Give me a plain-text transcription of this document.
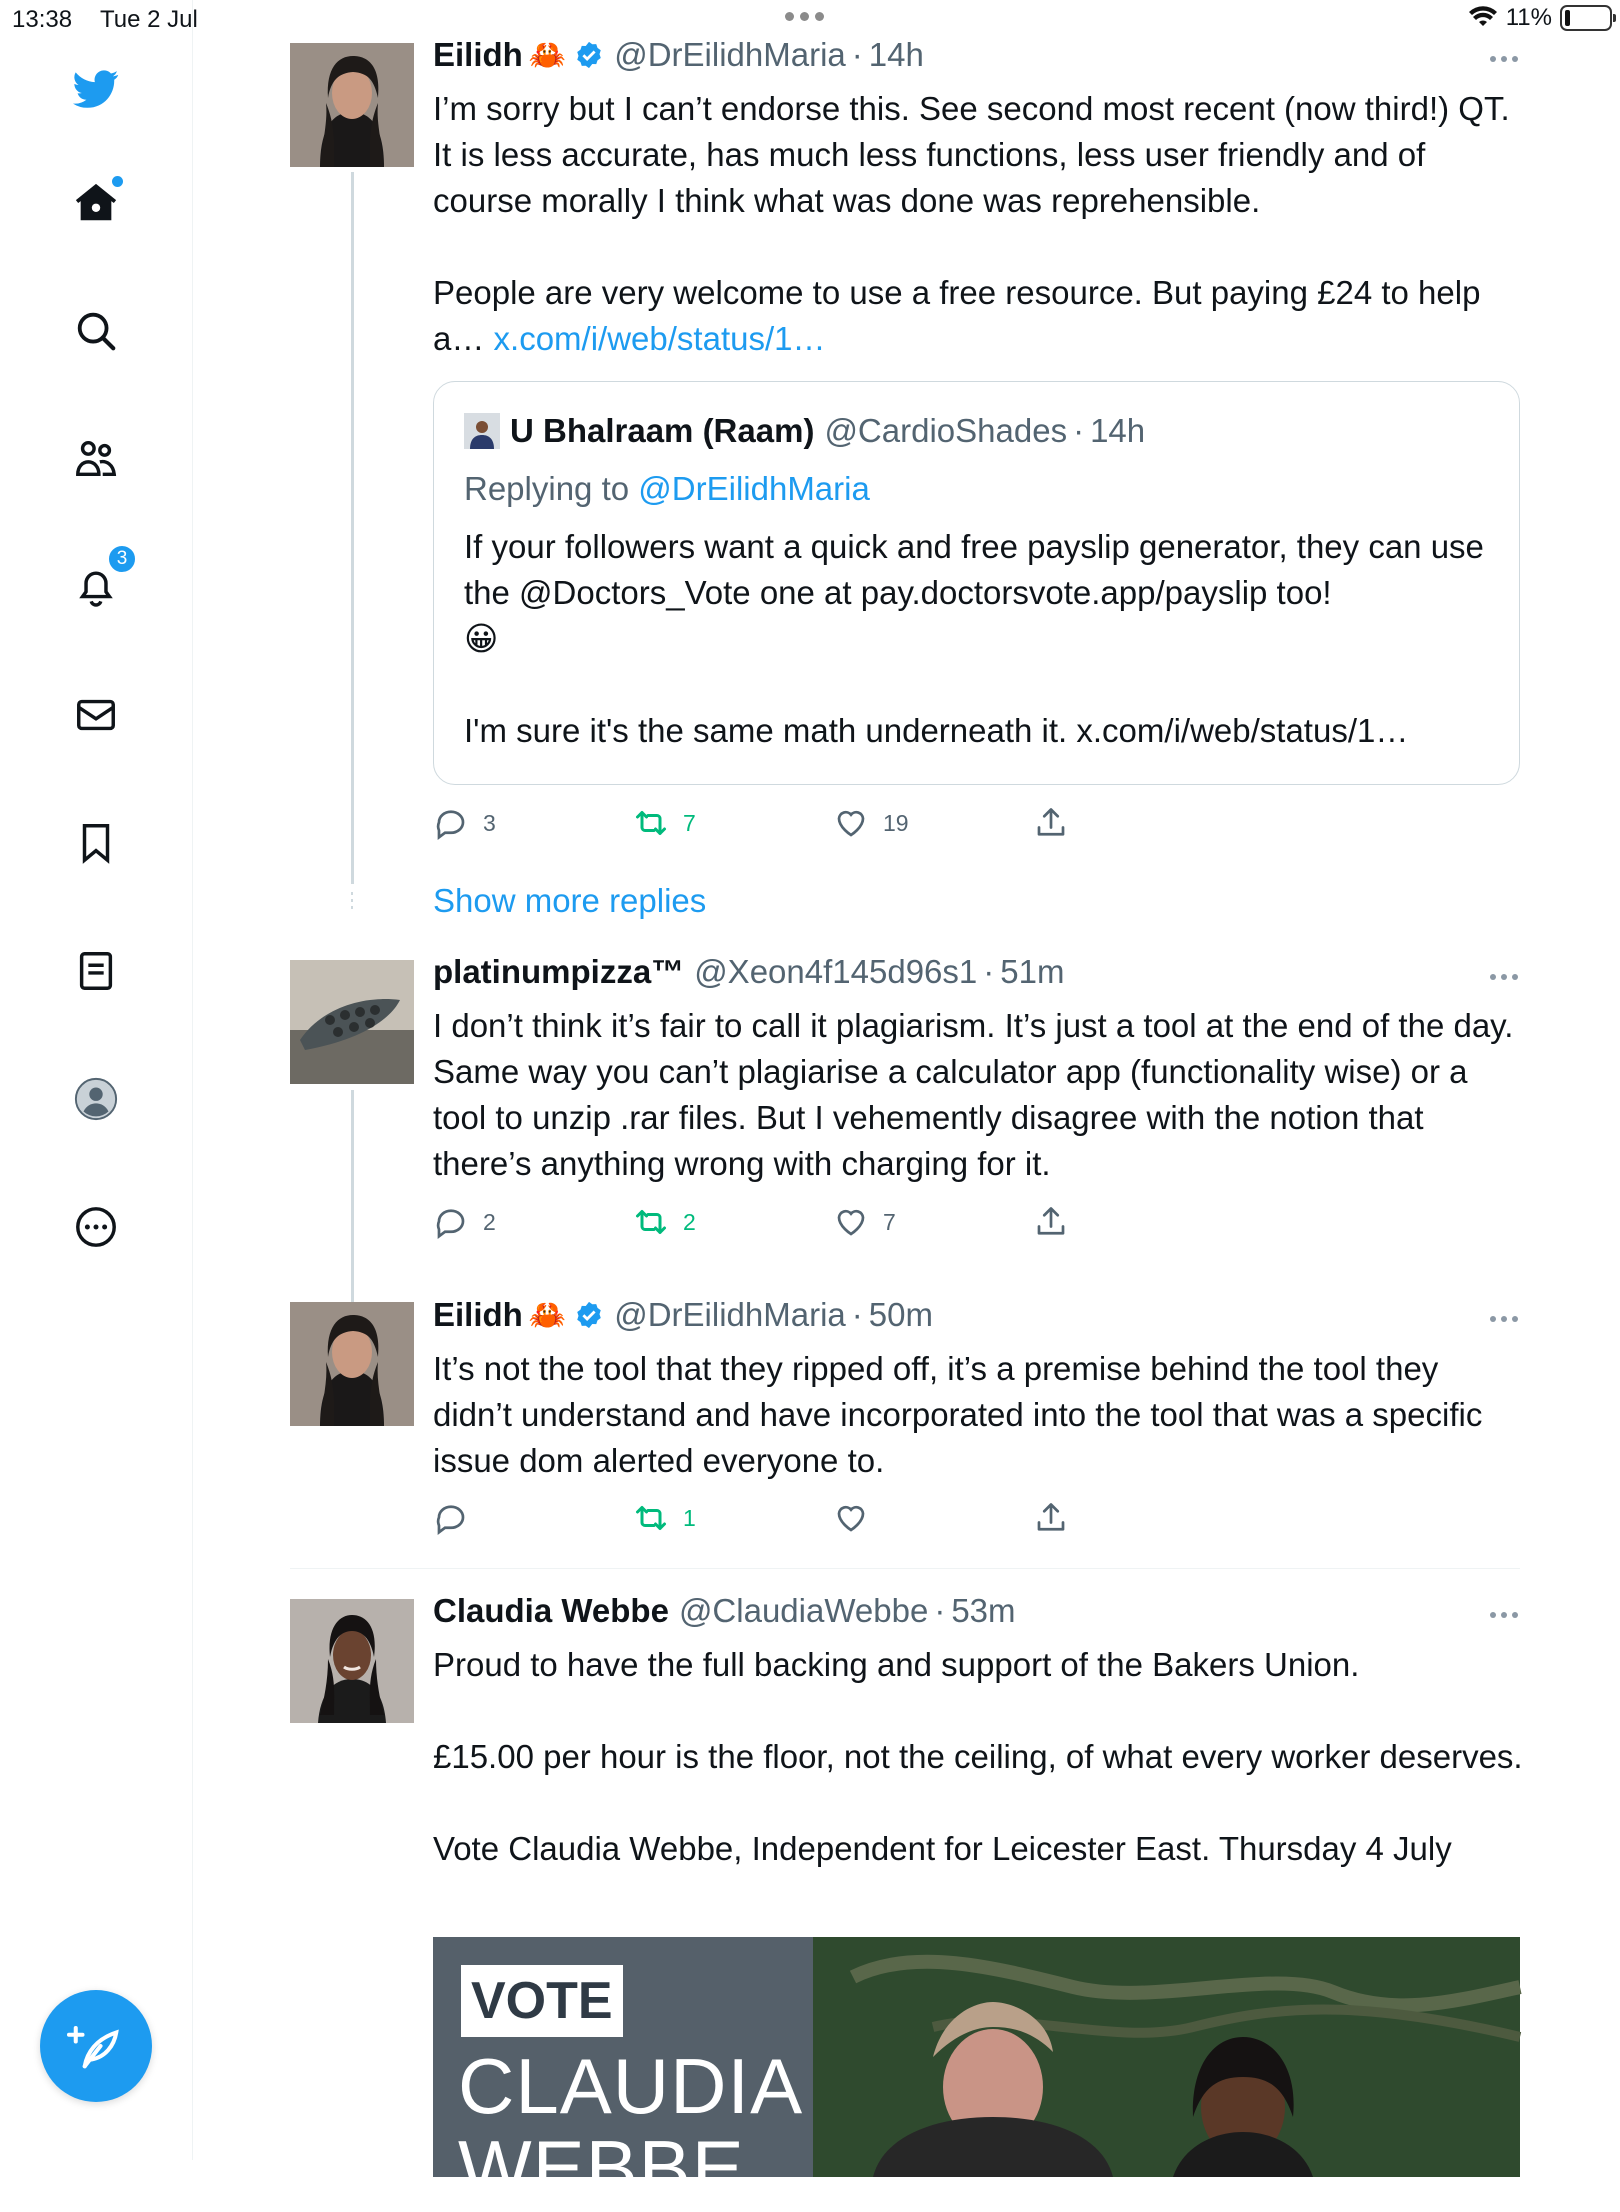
13:38 Tue 2 Jul	11%
3
Eilidh 🦀 @DrEilidhMaria · 14h

I’m sorry but I can’t endorse this. See second most recent (now third!) QT. It is less accurate, has much less functions, less user friendly and of course morally I think what was done was reprehensible.

People are very welcome to use a free resource. But paying £24 to help a… x.com/i/web/status/1…

U Bhalraam (Raam) @CardioShades · 14h
Replying to @DrEilidhMaria

If your followers want a quick and free payslip generator, they can use the @Doctors_Vote one at pay.doctorsvote.app/payslip too!
😀

I'm sure it's the same math underneath it. x.com/i/web/status/1…

3	7	19
Show more replies
platinumpizza™ @Xeon4f145d96s1 · 51m
I don’t think it’s fair to call it plagiarism. It’s just a tool at the end of the day. Same way you can’t plagiarise a calculator app (functionality wise) or a tool to unzip .rar files. But I vehemently disagree with the notion that there’s anything wrong with charging for it.
2	2	7
Eilidh 🦀 @DrEilidhMaria · 50m
It’s not the tool that they ripped off, it’s a premise behind the tool they didn’t understand and have incorporated into the tool that was a specific issue dom alerted everyone to.
1
Claudia Webbe @ClaudiaWebbe · 53m

Proud to have the full backing and support of the Bakers Union.

£15.00 per hour is the floor, not the ceiling, of what every worker deserves.

Vote Claudia Webbe, Independent for Leicester East. Thursday 4 July

VOTE
CLAUDIA
WEBBE
